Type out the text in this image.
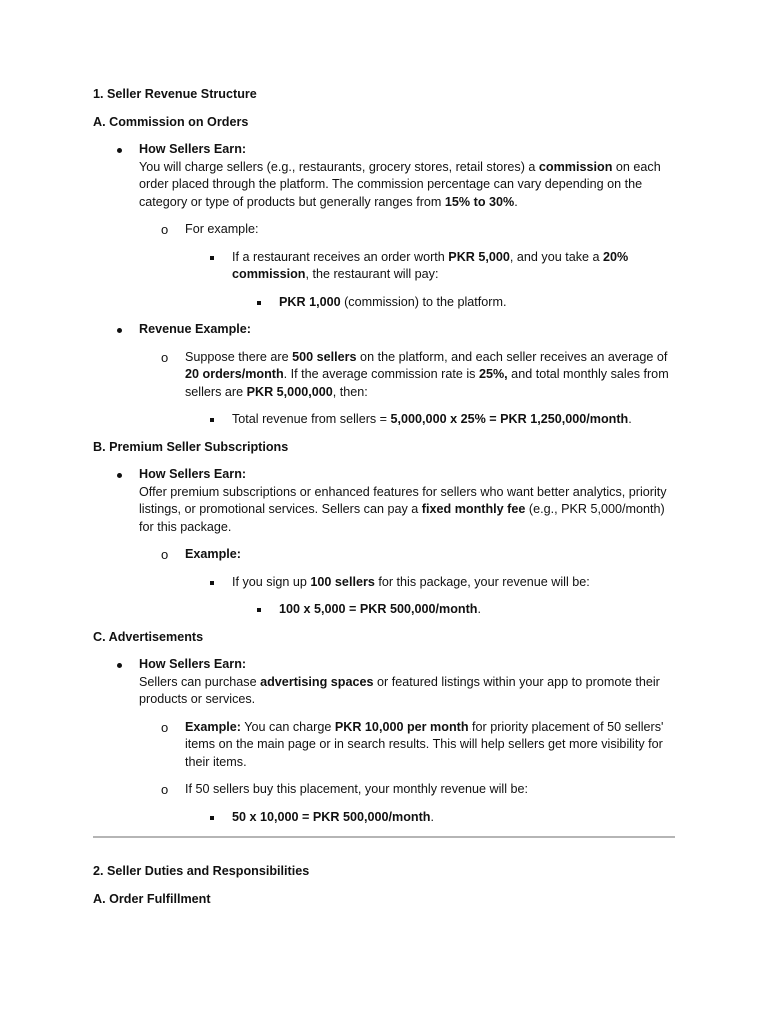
1. Seller Revenue Structure

A. Commission on Orders

How Sellers Earn:
You will charge sellers (e.g., restaurants, grocery stores, retail stores) a commission on each order placed through the platform. The commission percentage can vary depending on the category or type of products but generally ranges from 15% to 30%.

o For example:

If a restaurant receives an order worth PKR 5,000, and you take a 20% commission, the restaurant will pay:

PKR 1,000 (commission) to the platform.

Revenue Example:

o Suppose there are 500 sellers on the platform, and each seller receives an average of 20 orders/month. If the average commission rate is 25%, and total monthly sales from sellers are PKR 5,000,000, then:

Total revenue from sellers = 5,000,000 x 25% = PKR 1,250,000/month.

B. Premium Seller Subscriptions

How Sellers Earn:
Offer premium subscriptions or enhanced features for sellers who want better analytics, priority listings, or promotional services. Sellers can pay a fixed monthly fee (e.g., PKR 5,000/month) for this package.

o Example:

If you sign up 100 sellers for this package, your revenue will be:

100 x 5,000 = PKR 500,000/month.

C. Advertisements

How Sellers Earn:
Sellers can purchase advertising spaces or featured listings within your app to promote their products or services.

o Example: You can charge PKR 10,000 per month for priority placement of 50 sellers' items on the main page or in search results. This will help sellers get more visibility for their items.

o If 50 sellers buy this placement, your monthly revenue will be:

50 x 10,000 = PKR 500,000/month.

2. Seller Duties and Responsibilities

A. Order Fulfillment
